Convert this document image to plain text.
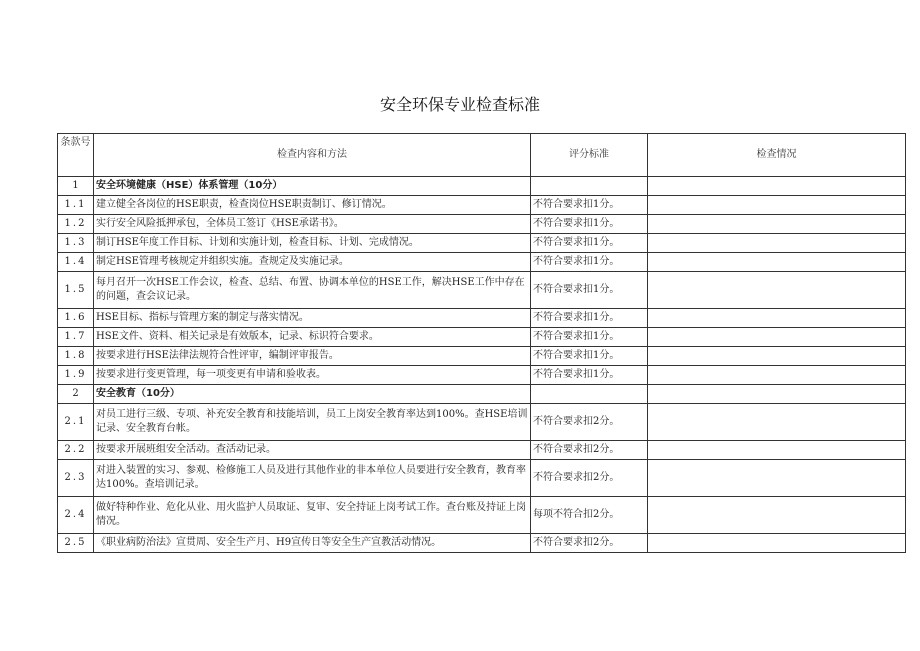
安全环保专业检查标准
条款号	检查内容和方法	评分标准	检查情况
1	安全环境健康（HSE）体系管理（10分）		
1.1	建立健全各岗位的HSE职责，检查岗位HSE职责制订、修订情况。	不符合要求扣1分。	
1.2	实行安全风险抵押承包，全体员工签订《HSE承诺书》。	不符合要求扣1分。	
1.3	制订HSE年度工作目标、计划和实施计划，检查目标、计划、完成情况。	不符合要求扣1分。	
1.4	制定HSE管理考核规定并组织实施。查规定及实施记录。	不符合要求扣1分。	
1.5	每月召开一次HSE工作会议，检查、总结、布置、协调本单位的HSE工作，解决HSE工作中存在的问题，查会议记录。	不符合要求扣1分。	
1.6	HSE目标、指标与管理方案的制定与落实情况。	不符合要求扣1分。	
1.7	HSE文件、资料、相关记录是有效版本，记录、标识符合要求。	不符合要求扣1分。	
1.8	按要求进行HSE法律法规符合性评审，编制评审报告。	不符合要求扣1分。	
1.9	按要求进行变更管理，每一项变更有申请和验收表。	不符合要求扣1分。	
2	安全教育（10分）		
2.1	对员工进行三级、专项、补充安全教育和技能培训，员工上岗安全教育率达到100%。查HSE培训记录、安全教育台帐。	不符合要求扣2分。	
2.2	按要求开展班组安全活动。查活动记录。	不符合要求扣2分。	
2.3	对进入装置的实习、参观、检修施工人员及进行其他作业的非本单位人员要进行安全教育，教育率达100%。查培训记录。	不符合要求扣2分。	
2.4	做好特种作业、危化从业、用火监护人员取证、复审、安全持证上岗考试工作。查台账及持证上岗情况。	每项不符合扣2分。	
2.5	《职业病防治法》宣贯周、安全生产月、H9宣传日等安全生产宣教活动情况。	不符合要求扣2分。	
